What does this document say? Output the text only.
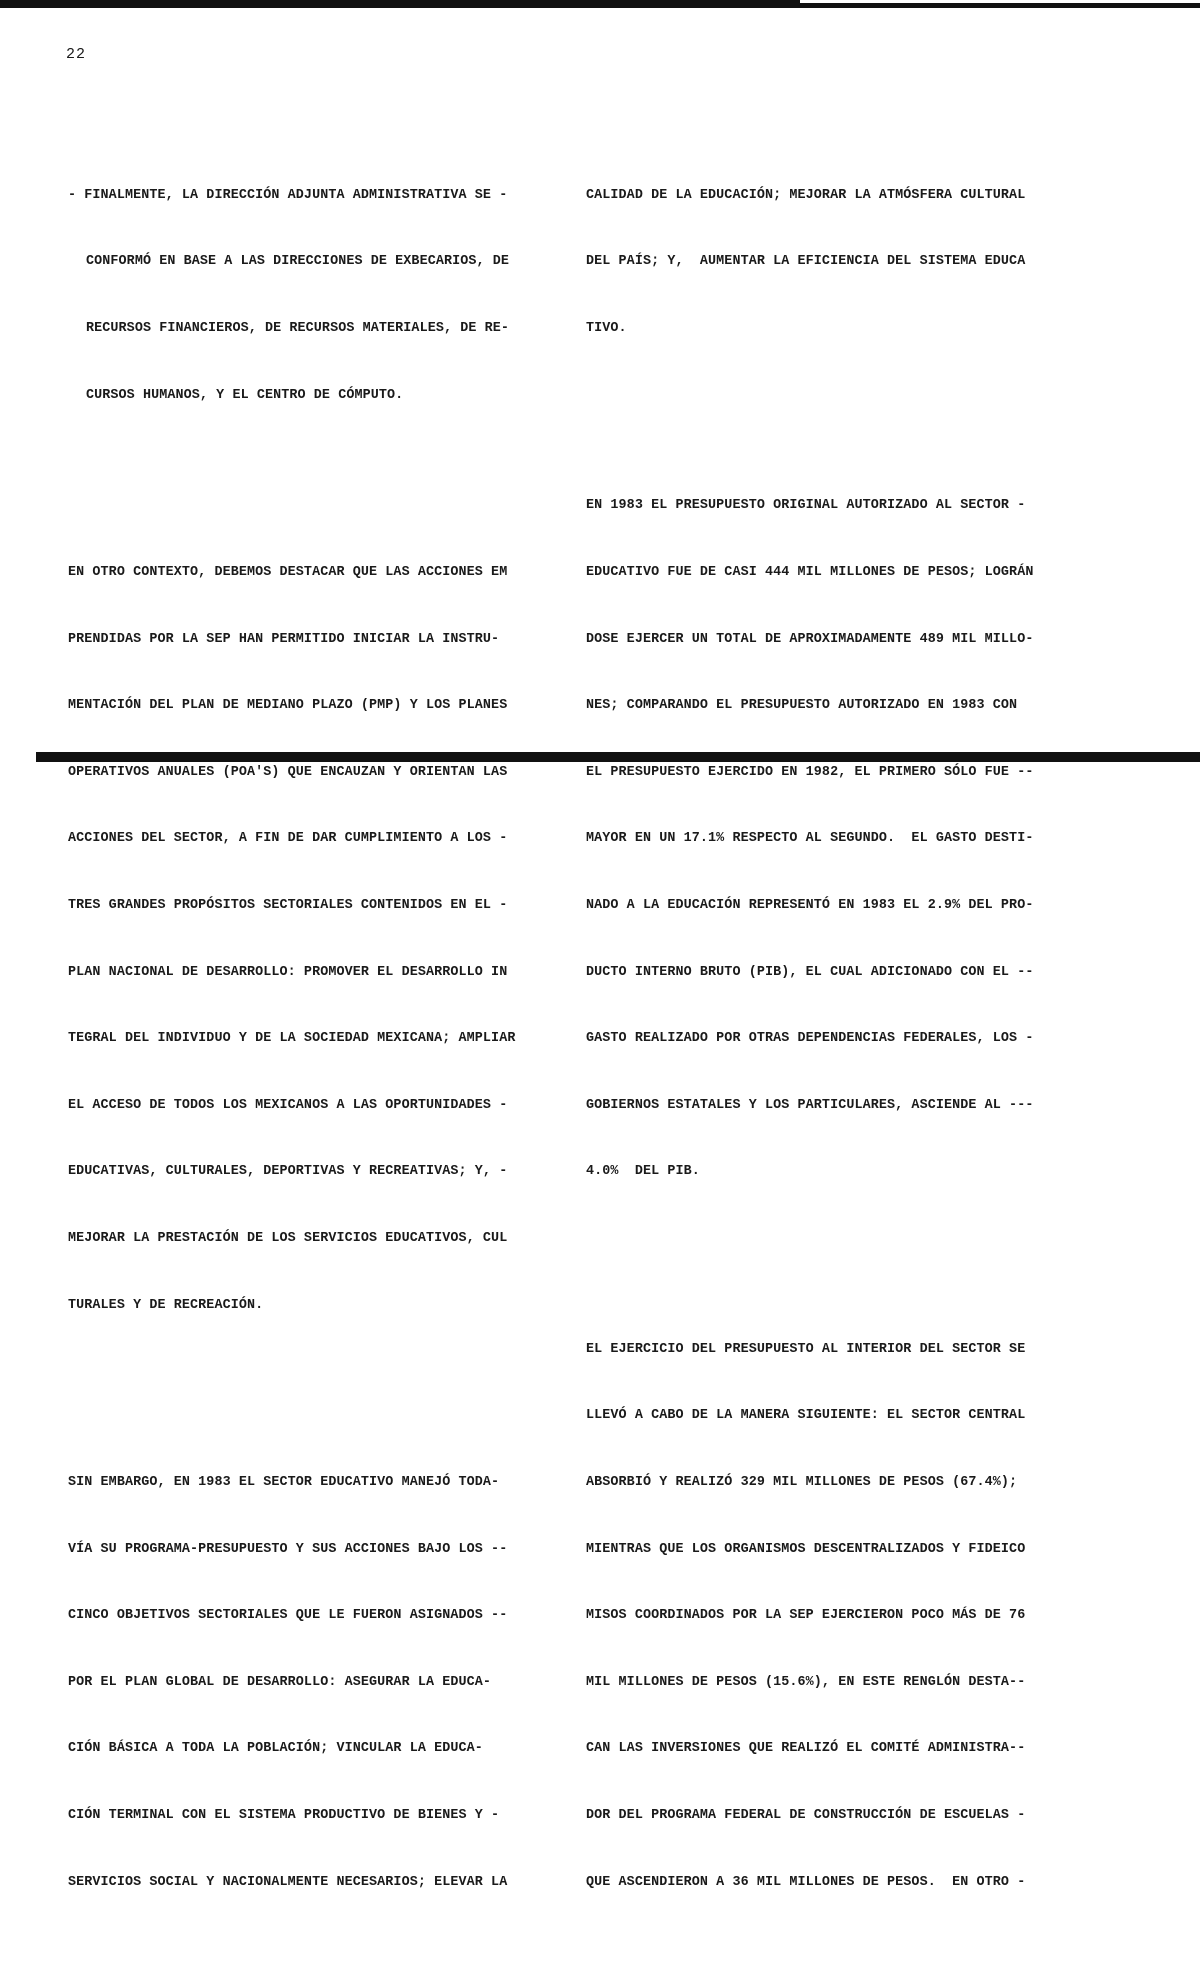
22

- FINALMENTE, LA DIRECCIÓN ADJUNTA ADMINISTRATIVA SE -

CONFORMÓ EN BASE A LAS DIRECCIONES DE EXBECARIOS, DE

RECURSOS FINANCIEROS, DE RECURSOS MATERIALES, DE RE-

CURSOS HUMANOS, Y EL CENTRO DE CÓMPUTO.

EN OTRO CONTEXTO, DEBEMOS DESTACAR QUE LAS ACCIONES EM

PRENDIDAS POR LA SEP HAN PERMITIDO INICIAR LA INSTRU-

MENTACIÓN DEL PLAN DE MEDIANO PLAZO (PMP) Y LOS PLANES

OPERATIVOS ANUALES (POA'S) QUE ENCAUZAN Y ORIENTAN LAS

ACCIONES DEL SECTOR, A FIN DE DAR CUMPLIMIENTO A LOS -

TRES GRANDES PROPÓSITOS SECTORIALES CONTENIDOS EN EL -

PLAN NACIONAL DE DESARROLLO: PROMOVER EL DESARROLLO IN

TEGRAL DEL INDIVIDUO Y DE LA SOCIEDAD MEXICANA; AMPLIAR

EL ACCESO DE TODOS LOS MEXICANOS A LAS OPORTUNIDADES -

EDUCATIVAS, CULTURALES, DEPORTIVAS Y RECREATIVAS; Y, -

MEJORAR LA PRESTACIÓN DE LOS SERVICIOS EDUCATIVOS, CUL

TURALES Y DE RECREACIÓN.

SIN EMBARGO, EN 1983 EL SECTOR EDUCATIVO MANEJÓ TODA-

VÍA SU PROGRAMA-PRESUPUESTO Y SUS ACCIONES BAJO LOS --

CINCO OBJETIVOS SECTORIALES QUE LE FUERON ASIGNADOS --

POR EL PLAN GLOBAL DE DESARROLLO: ASEGURAR LA EDUCA-

CIÓN BÁSICA A TODA LA POBLACIÓN; VINCULAR LA EDUCA-

CIÓN TERMINAL CON EL SISTEMA PRODUCTIVO DE BIENES Y -

SERVICIOS SOCIAL Y NACIONALMENTE NECESARIOS; ELEVAR LA

CALIDAD DE LA EDUCACIÓN; MEJORAR LA ATMÓSFERA CULTURAL

DEL PAÍS; Y,  AUMENTAR LA EFICIENCIA DEL SISTEMA EDUCA

TIVO.

EN 1983 EL PRESUPUESTO ORIGINAL AUTORIZADO AL SECTOR -

EDUCATIVO FUE DE CASI 444 MIL MILLONES DE PESOS; LOGRÁN

DOSE EJERCER UN TOTAL DE APROXIMADAMENTE 489 MIL MILLO-

NES; COMPARANDO EL PRESUPUESTO AUTORIZADO EN 1983 CON

EL PRESUPUESTO EJERCIDO EN 1982, EL PRIMERO SÓLO FUE --

MAYOR EN UN 17.1% RESPECTO AL SEGUNDO.  EL GASTO DESTI-

NADO A LA EDUCACIÓN REPRESENTÓ EN 1983 EL 2.9% DEL PRO-

DUCTO INTERNO BRUTO (PIB), EL CUAL ADICIONADO CON EL --

GASTO REALIZADO POR OTRAS DEPENDENCIAS FEDERALES, LOS -

GOBIERNOS ESTATALES Y LOS PARTICULARES, ASCIENDE AL ---

4.0%  DEL PIB.

EL EJERCICIO DEL PRESUPUESTO AL INTERIOR DEL SECTOR SE

LLEVÓ A CABO DE LA MANERA SIGUIENTE: EL SECTOR CENTRAL

ABSORBIÓ Y REALIZÓ 329 MIL MILLONES DE PESOS (67.4%);

MIENTRAS QUE LOS ORGANISMOS DESCENTRALIZADOS Y FIDEICO

MISOS COORDINADOS POR LA SEP EJERCIERON POCO MÁS DE 76

MIL MILLONES DE PESOS (15.6%), EN ESTE RENGLÓN DESTA--

CAN LAS INVERSIONES QUE REALIZÓ EL COMITÉ ADMINISTRA--

DOR DEL PROGRAMA FEDERAL DE CONSTRUCCIÓN DE ESCUELAS -

QUE ASCENDIERON A 36 MIL MILLONES DE PESOS.  EN OTRO -
